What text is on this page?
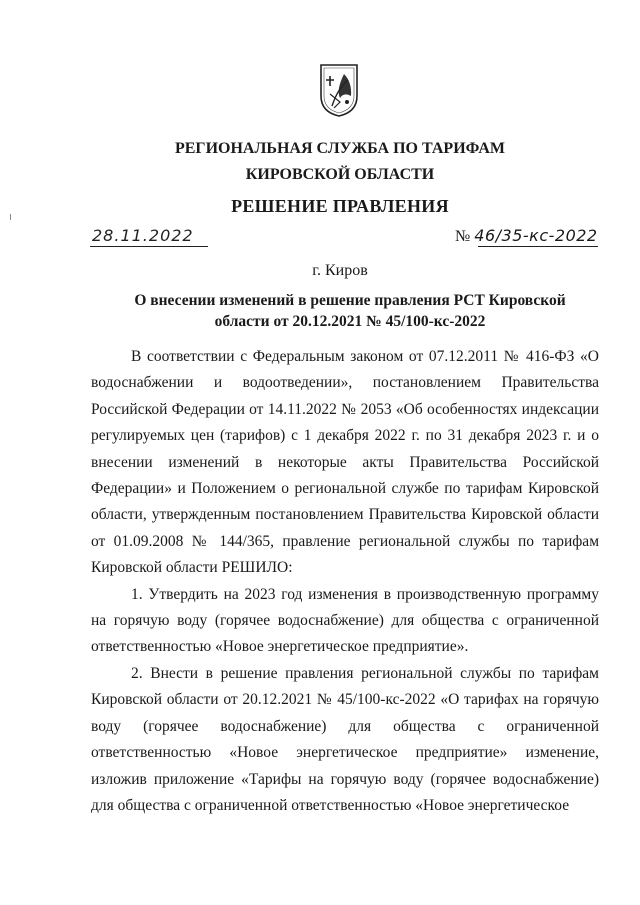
РЕГИОНАЛЬНАЯ СЛУЖБА ПО ТАРИФАМ
КИРОВСКОЙ ОБЛАСТИ
РЕШЕНИЕ ПРАВЛЕНИЯ
28.11.2022	№ 46/35-кс-2022
г. Киров
О внесении изменений в решение правления РСТ Кировской
области от 20.12.2021 № 45/100-кс-2022

В соответствии с Федеральным законом от 07.12.2011 № 416-ФЗ «О водоснабжении и водоотведении», постановлением Правительства Российской Федерации от 14.11.2022 № 2053 «Об особенностях индексации регулируемых цен (тарифов) с 1 декабря 2022 г. по 31 декабря 2023 г. и о внесении изменений в некоторые акты Правительства Российской Федерации» и Положением о региональной службе по тарифам Кировской области, утвержденным постановлением Правительства Кировской области от 01.09.2008 № 144/365, правление региональной службы по тарифам Кировской области РЕШИЛО:

1. Утвердить на 2023 год изменения в производственную программу на горячую воду (горячее водоснабжение) для общества с ограниченной ответственностью «Новое энергетическое предприятие».

2. Внести в решение правления региональной службы по тарифам Кировской области от 20.12.2021 № 45/100-кс-2022 «О тарифах на горячую воду (горячее водоснабжение) для общества с ограниченной ответственностью «Новое энергетическое предприятие» изменение, изложив приложение «Тарифы на горячую воду (горячее водоснабжение) для общества с ограниченной ответственностью «Новое энергетическое
